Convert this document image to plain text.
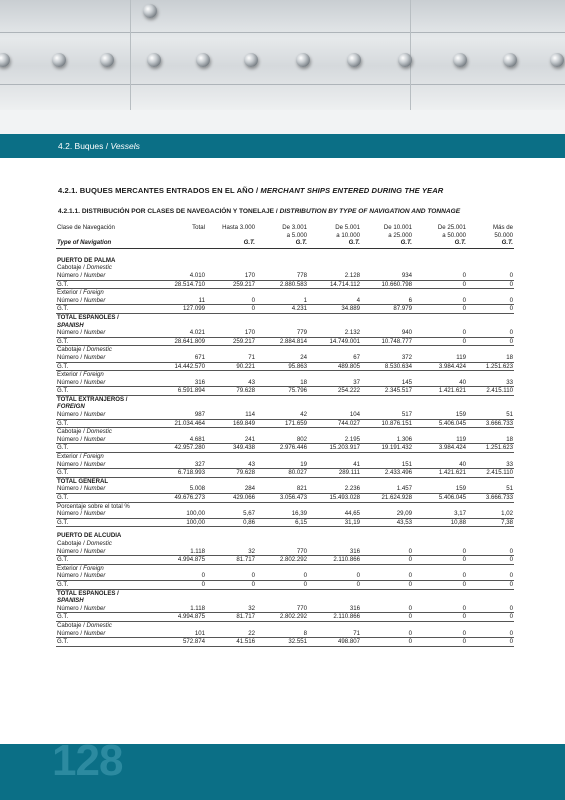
4.2. Buques / Vessels
4.2.1. BUQUES MERCANTES ENTRADOS EN EL AÑO / MERCHANT SHIPS ENTERED DURING THE YEAR
4.2.1.1. DISTRIBUCIÓN POR CLASES DE NAVEGACIÓN Y TONELAJE / DISTRIBUTION BY TYPE OF NAVIGATION AND TONNAGE
Clase de Navegación	Total	Hasta 3.000	De 3.001	De 5.001	De 10.001	De 25.001	Más de
			a 5.000	a 10.000	a 25.000	a 50.000	50.000
Type of Navigation		G.T.	G.T.	G.T.	G.T.	G.T.	G.T.
PUERTO DE PALMA							
Cabotaje / Domestic							
Número / Number	4.010	170	778	2.128	934	0	0
G.T.	28.514.710	259.217	2.880.583	14.714.112	10.660.798	0	0
Exterior / Foreign							
Número / Number	11	0	1	4	6	0	0
G.T.	127.099	0	4.231	34.889	87.979	0	0
TOTAL ESPAÑOLES /							
SPANISH							
Número / Number	4.021	170	779	2.132	940	0	0
G.T.	28.641.809	259.217	2.884.814	14.749.001	10.748.777	0	0
Cabotaje / Domestic							
Número / Number	671	71	24	67	372	119	18
G.T.	14.442.570	90.221	95.863	489.805	8.530.634	3.984.424	1.251.623
Exterior / Foreign							
Número / Number	316	43	18	37	145	40	33
G.T.	6.591.894	79.628	75.796	254.222	2.345.517	1.421.621	2.415.110
TOTAL EXTRANJEROS /							
FOREIGN							
Número / Number	987	114	42	104	517	159	51
G.T.	21.034.464	169.849	171.659	744.027	10.876.151	5.406.045	3.666.733
Cabotaje / Domestic							
Número / Number	4.681	241	802	2.195	1.306	119	18
G.T.	42.957.280	349.438	2.976.446	15.203.917	19.191.432	3.984.424	1.251.623
Exterior / Foreign							
Número / Number	327	43	19	41	151	40	33
G.T.	6.718.993	79.628	80.027	289.111	2.433.496	1.421.621	2.415.110
TOTAL GENERAL							
Número / Number	5.008	284	821	2.236	1.457	159	51
G.T.	49.676.273	429.066	3.056.473	15.493.028	21.624.928	5.406.045	3.666.733
Porcentaje sobre el total %							
Número / Number	100,00	5,67	16,39	44,65	29,09	3,17	1,02
G.T.	100,00	0,86	6,15	31,19	43,53	10,88	7,38
PUERTO DE ALCUDIA							
Cabotaje / Domestic							
Número / Number	1.118	32	770	316	0	0	0
G.T.	4.994.875	81.717	2.802.292	2.110.866	0	0	0
Exterior / Foreign							
Número / Number	0	0	0	0	0	0	0
G.T.	0	0	0	0	0	0	0
TOTAL ESPAÑOLES /							
SPANISH							
Número / Number	1.118	32	770	316	0	0	0
G.T.	4.994.875	81.717	2.802.292	2.110.866	0	0	0
Cabotaje / Domestic							
Número / Number	101	22	8	71	0	0	0
G.T.	572.874	41.516	32.551	498.807	0	0	0
128
